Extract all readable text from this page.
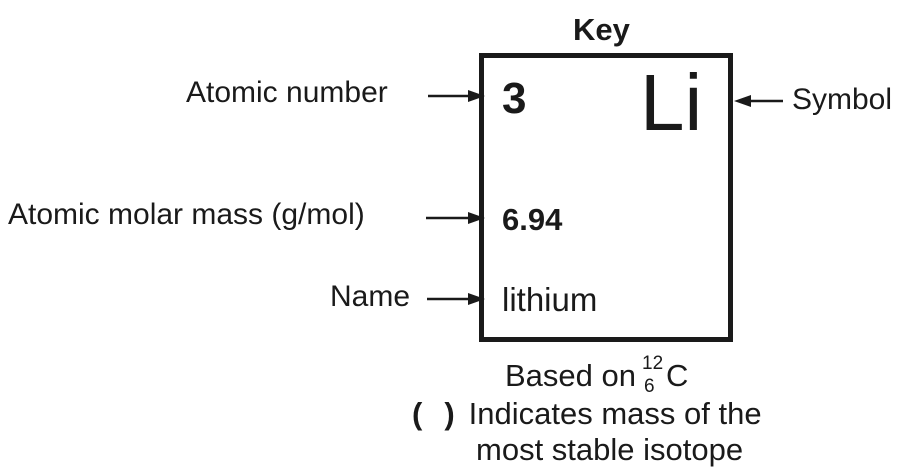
Key
3 Li
6.94
lithium
Atomic number
Atomic molar mass (g/mol)
Name
Symbol
Based on 12
6 C
( ) Indicates mass of the
most stable isotope
